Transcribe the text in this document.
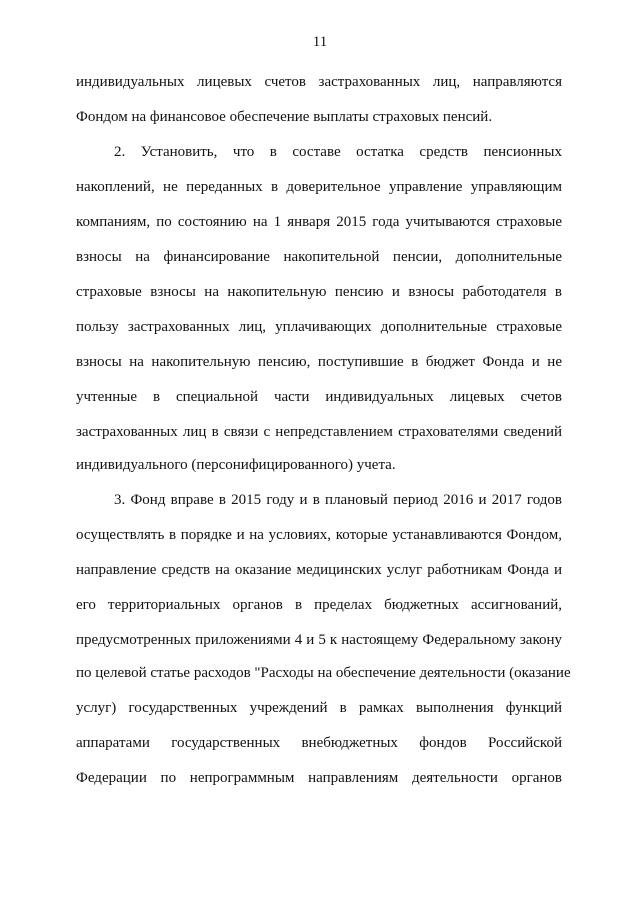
11
индивидуальных лицевых счетов застрахованных лиц, направляются
Фондом на финансовое обеспечение выплаты страховых пенсий.
2. Установить, что в составе остатка средств пенсионных
накоплений, не переданных в доверительное управление управляющим
компаниям, по состоянию на 1 января 2015 года учитываются страховые
взносы на финансирование накопительной пенсии, дополнительные
страховые взносы на накопительную пенсию и взносы работодателя в
пользу застрахованных лиц, уплачивающих дополнительные страховые
взносы на накопительную пенсию, поступившие в бюджет Фонда и не
учтенные в специальной части индивидуальных лицевых счетов
застрахованных лиц в связи с непредставлением страхователями сведений
индивидуального (персонифицированного) учета.
3. Фонд вправе в 2015 году и в плановый период 2016 и 2017 годов
осуществлять в порядке и на условиях, которые устанавливаются Фондом,
направление средств на оказание медицинских услуг работникам Фонда и
его территориальных органов в пределах бюджетных ассигнований,
предусмотренных приложениями 4 и 5 к настоящему Федеральному закону
по целевой статье расходов "Расходы на обеспечение деятельности (оказание
услуг) государственных учреждений в рамках выполнения функций
аппаратами государственных внебюджетных фондов Российской
Федерации по непрограммным направлениям деятельности органов
